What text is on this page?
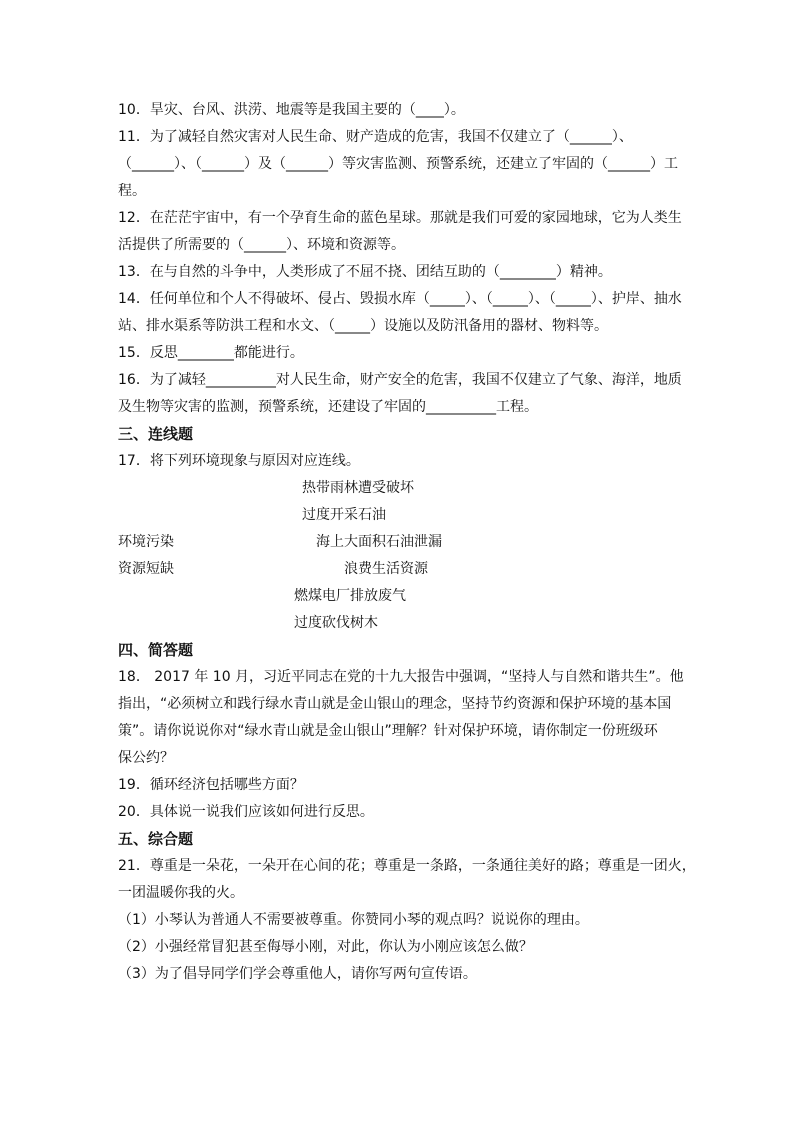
10．旱灾、台风、洪涝、地震等是我国主要的（____）。
11．为了减轻自然灾害对人民生命、财产造成的危害，我国不仅建立了（______）、
（______）、（______）及（______）等灾害监测、预警系统，还建立了牢固的（______）工
程。
12．在茫茫宇宙中，有一个孕育生命的蓝色星球。那就是我们可爱的家园地球，它为人类生
活提供了所需要的（______）、环境和资源等。
13．在与自然的斗争中，人类形成了不屈不挠、团结互助的（________）精神。
14．任何单位和个人不得破坏、侵占、毁损水库（_____）、（_____）、（_____）、护岸、抽水
站、排水渠系等防洪工程和水文、（_____）设施以及防汛备用的器材、物料等。
15．反思________都能进行。
16．为了减轻__________对人民生命，财产安全的危害，我国不仅建立了气象、海洋，地质
及生物等灾害的监测，预警系统，还建设了牢固的__________工程。
三、连线题
17．将下列环境现象与原因对应连线。
热带雨林遭受破坏
过度开采石油
环境污染	海上大面积石油泄漏
资源短缺	浪费生活资源
燃煤电厂排放废气
过度砍伐树木
四、简答题
18． 2017 年 10 月，习近平同志在党的十九大报告中强调，“坚持人与自然和谐共生”。他
指出，“必须树立和践行绿水青山就是金山银山的理念，坚持节约资源和保护环境的基本国
策”。请你说说你对“绿水青山就是金山银山”理解？针对保护环境，请你制定一份班级环
保公约？
19．循环经济包括哪些方面？
20．具体说一说我们应该如何进行反思。
五、综合题
21．尊重是一朵花，一朵开在心间的花；尊重是一条路，一条通往美好的路；尊重是一团火，
一团温暖你我的火。
（1）小琴认为普通人不需要被尊重。你赞同小琴的观点吗？说说你的理由。
（2）小强经常冒犯甚至侮辱小刚，对此，你认为小刚应该怎么做？
（3）为了倡导同学们学会尊重他人，请你写两句宣传语。
